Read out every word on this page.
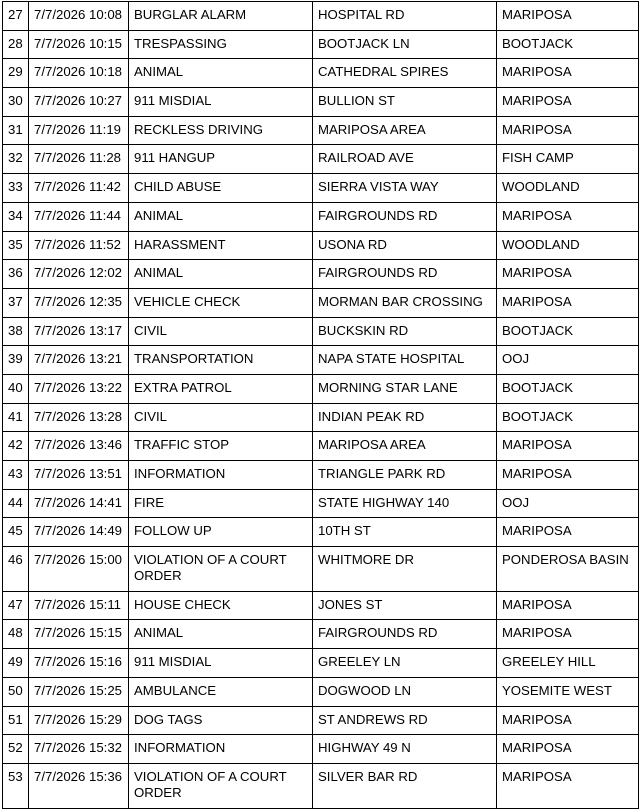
27	7/7/2026 10:08	BURGLAR ALARM	HOSPITAL RD	MARIPOSA
28	7/7/2026 10:15	TRESPASSING	BOOTJACK LN	BOOTJACK
29	7/7/2026 10:18	ANIMAL	CATHEDRAL SPIRES	MARIPOSA
30	7/7/2026 10:27	911 MISDIAL	BULLION ST	MARIPOSA
31	7/7/2026 11:19	RECKLESS DRIVING	MARIPOSA AREA	MARIPOSA
32	7/7/2026 11:28	911 HANGUP	RAILROAD AVE	FISH CAMP
33	7/7/2026 11:42	CHILD ABUSE	SIERRA VISTA WAY	WOODLAND
34	7/7/2026 11:44	ANIMAL	FAIRGROUNDS RD	MARIPOSA
35	7/7/2026 11:52	HARASSMENT	USONA RD	WOODLAND
36	7/7/2026 12:02	ANIMAL	FAIRGROUNDS RD	MARIPOSA
37	7/7/2026 12:35	VEHICLE CHECK	MORMAN BAR CROSSING	MARIPOSA
38	7/7/2026 13:17	CIVIL	BUCKSKIN RD	BOOTJACK
39	7/7/2026 13:21	TRANSPORTATION	NAPA STATE HOSPITAL	OOJ
40	7/7/2026 13:22	EXTRA PATROL	MORNING STAR LANE	BOOTJACK
41	7/7/2026 13:28	CIVIL	INDIAN PEAK RD	BOOTJACK
42	7/7/2026 13:46	TRAFFIC STOP	MARIPOSA AREA	MARIPOSA
43	7/7/2026 13:51	INFORMATION	TRIANGLE PARK RD	MARIPOSA
44	7/7/2026 14:41	FIRE	STATE HIGHWAY 140	OOJ
45	7/7/2026 14:49	FOLLOW UP	10TH ST	MARIPOSA
46	7/7/2026 15:00	VIOLATION OF A COURT ORDER	WHITMORE DR	PONDEROSA BASIN
47	7/7/2026 15:11	HOUSE CHECK	JONES ST	MARIPOSA
48	7/7/2026 15:15	ANIMAL	FAIRGROUNDS RD	MARIPOSA
49	7/7/2026 15:16	911 MISDIAL	GREELEY LN	GREELEY HILL
50	7/7/2026 15:25	AMBULANCE	DOGWOOD LN	YOSEMITE WEST
51	7/7/2026 15:29	DOG TAGS	ST ANDREWS RD	MARIPOSA
52	7/7/2026 15:32	INFORMATION	HIGHWAY 49 N	MARIPOSA
53	7/7/2026 15:36	VIOLATION OF A COURT ORDER	SILVER BAR RD	MARIPOSA
